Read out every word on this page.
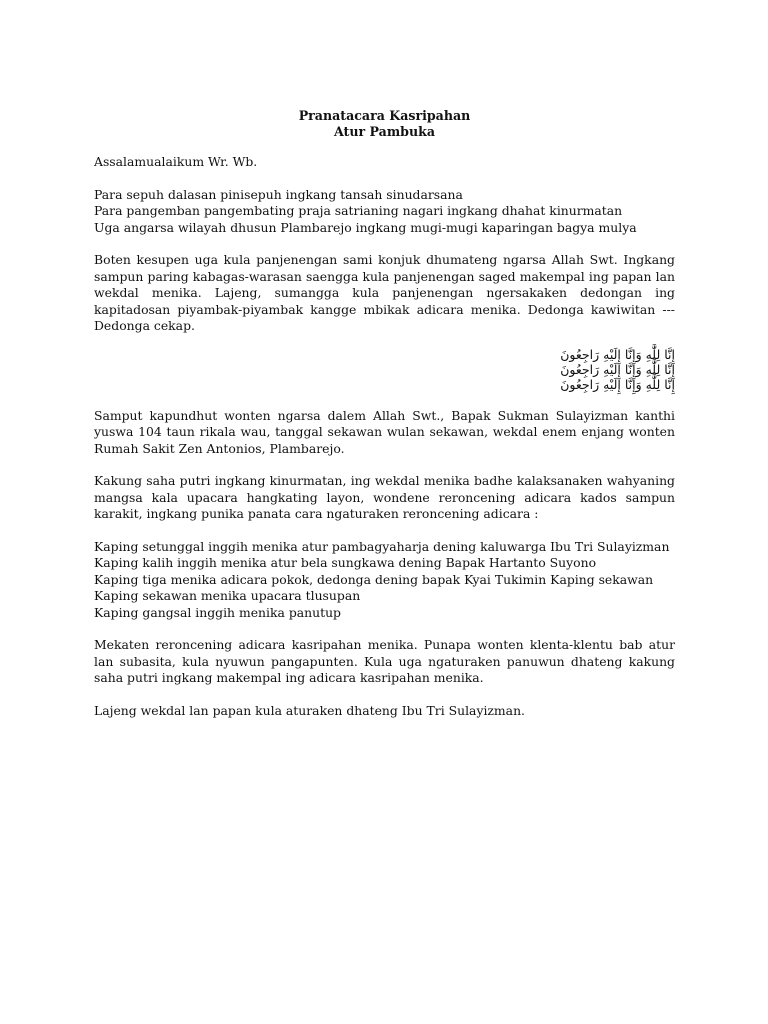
Pranatacara Kasripahan
Atur Pambuka

Assalamualaikum Wr. Wb.

Para sepuh dalasan pinisepuh ingkang tansah sinudarsana
Para pangemban pangembating praja satrianing nagari ingkang dhahat kinurmatan
Uga angarsa wilayah dhusun Plambarejo ingkang mugi-mugi kaparingan bagya mulya

Boten kesupen uga kula panjenengan sami konjuk dhumateng ngarsa Allah Swt. Ingkang sampun paring kabagas-warasan saengga kula panjenengan saged makempal ing papan lan wekdal menika. Lajeng, sumangga kula panjenengan ngersakaken dedongan ing kapitadosan piyambak-piyambak kangge mbikak adicara menika. Dedonga kawiwitan --- Dedonga cekap.

إِنَّا لِلَّٰهِ وَإِنَّا إِلَيْهِ رَاجِعُونَ
إِنَّا لِلَّٰهِ وَإِنَّا إِلَيْهِ رَاجِعُونَ
إِنَّا لِلَّٰهِ وَإِنَّا إِلَيْهِ رَاجِعُونَ

Samput kapundhut wonten ngarsa dalem Allah Swt., Bapak Sukman Sulayizman kanthi yuswa 104 taun rikala wau, tanggal sekawan wulan sekawan, wekdal enem enjang wonten Rumah Sakit Zen Antonios, Plambarejo.

Kakung saha putri ingkang kinurmatan, ing wekdal menika badhe kalaksanaken wahyaning mangsa kala upacara hangkating layon, wondene reroncening adicara kados sampun karakit, ingkang punika panata cara ngaturaken reroncening adicara :

Kaping setunggal inggih menika atur pambagyaharja dening kaluwarga Ibu Tri Sulayizman
Kaping kalih inggih menika atur bela sungkawa dening Bapak Hartanto Suyono
Kaping tiga menika adicara pokok, dedonga dening bapak Kyai Tukimin Kaping sekawan
Kaping sekawan menika upacara tlusupan
Kaping gangsal inggih menika panutup

Mekaten reroncening adicara kasripahan menika. Punapa wonten klenta-klentu bab atur lan subasita, kula nyuwun pangapunten. Kula uga ngaturaken panuwun dhateng kakung saha putri ingkang makempal ing adicara kasripahan menika.

Lajeng wekdal lan papan kula aturaken dhateng Ibu Tri Sulayizman.
